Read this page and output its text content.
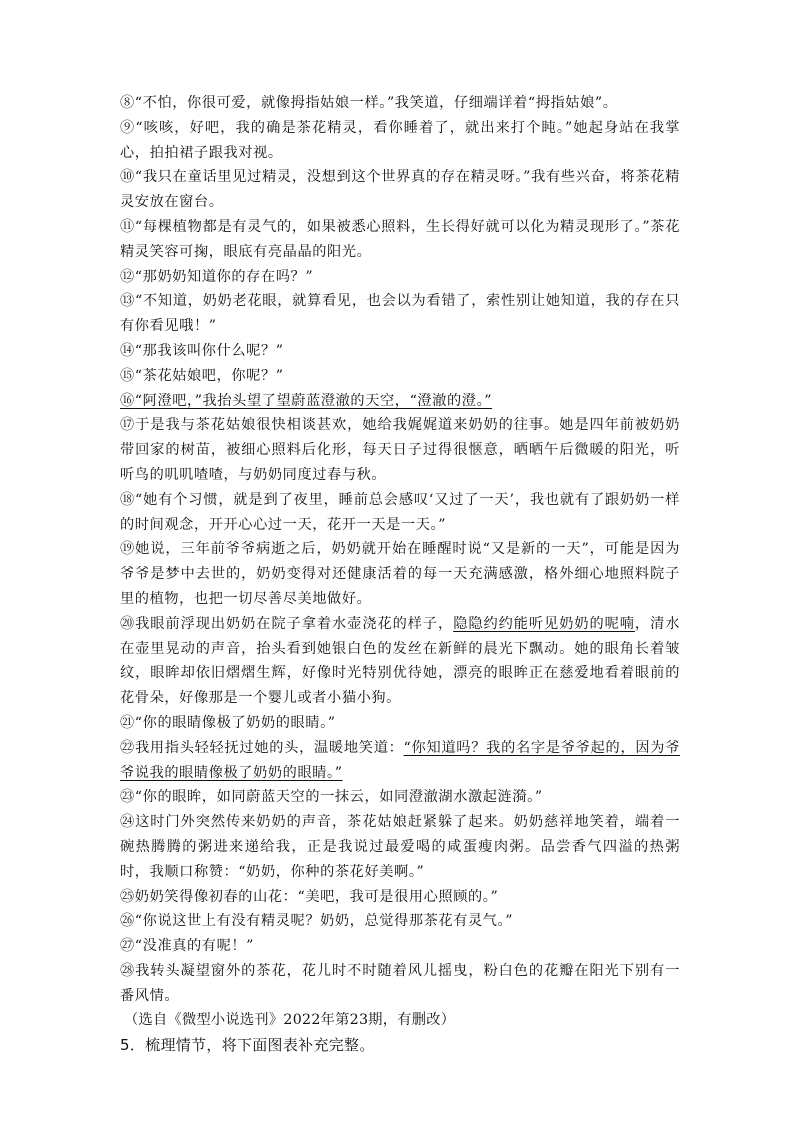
⑧“不怕，你很可爱，就像拇指姑娘一样。”我笑道，仔细端详着“拇指姑娘”。

⑨“咳咳，好吧，我的确是茶花精灵，看你睡着了，就出来打个盹。”她起身站在我掌心，拍拍裙子跟我对视。

⑩“我只在童话里见过精灵，没想到这个世界真的存在精灵呀。”我有些兴奋，将茶花精灵安放在窗台。

⑪“每棵植物都是有灵气的，如果被悉心照料，生长得好就可以化为精灵现形了。”茶花精灵笑容可掬，眼底有亮晶晶的阳光。

⑫“那奶奶知道你的存在吗？”

⑬“不知道，奶奶老花眼，就算看见，也会以为看错了，索性别让她知道，我的存在只有你看见哦！”

⑭“那我该叫你什么呢？”

⑮“茶花姑娘吧，你呢？”

⑯“阿澄吧，”我抬头望了望蔚蓝澄澈的天空，“澄澈的澄。”

⑰于是我与茶花姑娘很快相谈甚欢，她给我娓娓道来奶奶的往事。她是四年前被奶奶带回家的树苗，被细心照料后化形，每天日子过得很惬意，晒晒午后微暖的阳光，听听鸟的叽叽喳喳，与奶奶同度过春与秋。

⑱“她有个习惯，就是到了夜里，睡前总会感叹‘又过了一天’，我也就有了跟奶奶一样的时间观念，开开心心过一天，花开一天是一天。”

⑲她说，三年前爷爷病逝之后，奶奶就开始在睡醒时说“又是新的一天”，可能是因为爷爷是梦中去世的，奶奶变得对还健康活着的每一天充满感激，格外细心地照料院子里的植物，也把一切尽善尽美地做好。

⑳我眼前浮现出奶奶在院子拿着水壶浇花的样子，隐隐约约能听见奶奶的呢喃，清水在壶里晃动的声音，抬头看到她银白色的发丝在新鲜的晨光下飘动。她的眼角长着皱纹，眼眸却依旧熠熠生辉，好像时光特别优待她，漂亮的眼眸正在慈爱地看着眼前的花骨朵，好像那是一个婴儿或者小猫小狗。

㉑“你的眼睛像极了奶奶的眼睛。”

㉒我用指头轻轻抚过她的头，温暖地笑道：“你知道吗？我的名字是爷爷起的，因为爷爷说我的眼睛像极了奶奶的眼睛。”

㉓“你的眼眸，如同蔚蓝天空的一抹云，如同澄澈湖水激起涟漪。”

㉔这时门外突然传来奶奶的声音，茶花姑娘赶紧躲了起来。奶奶慈祥地笑着，端着一碗热腾腾的粥进来递给我，正是我说过最爱喝的咸蛋瘦肉粥。品尝香气四溢的热粥时，我顺口称赞：“奶奶，你种的茶花好美啊。”

㉕奶奶笑得像初春的山花：“美吧，我可是很用心照顾的。”

㉖“你说这世上有没有精灵呢？奶奶，总觉得那茶花有灵气。”

㉗“没准真的有呢！”

㉘我转头凝望窗外的茶花，花儿时不时随着风儿摇曳，粉白色的花瓣在阳光下别有一番风情。

（选自《微型小说选刊》2022年第23期，有删改）

5．梳理情节，将下面图表补充完整。
